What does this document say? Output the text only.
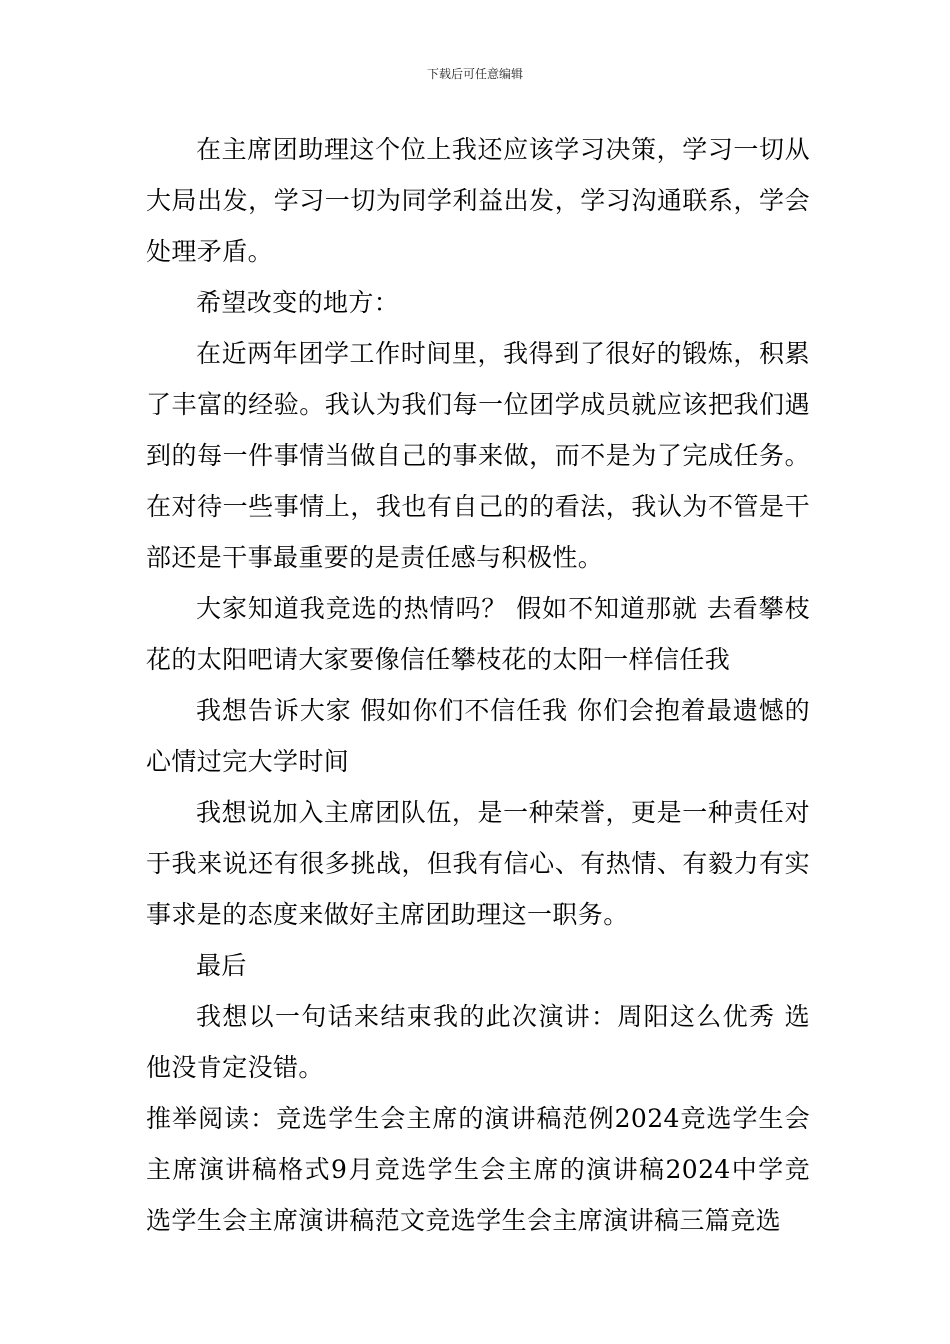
下载后可任意编辑

在主席团助理这个位上我还应该学习决策，学习一切从大局出发，学习一切为同学利益出发，学习沟通联系，学会处理矛盾。

希望改变的地方：

在近两年团学工作时间里，我得到了很好的锻炼，积累了丰富的经验。我认为我们每一位团学成员就应该把我们遇到的每一件事情当做自己的事来做，而不是为了完成任务。在对待一些事情上，我也有自己的的看法，我认为不管是干部还是干事最重要的是责任感与积极性。

大家知道我竞选的热情吗？ 假如不知道那就 去看攀枝花的太阳吧请大家要像信任攀枝花的太阳一样信任我

我想告诉大家 假如你们不信任我 你们会抱着最遗憾的心情过完大学时间

我想说加入主席团队伍，是一种荣誉，更是一种责任对于我来说还有很多挑战，但我有信心、有热情、有毅力有实事求是的态度来做好主席团助理这一职务。

最后

我想以一句话来结束我的此次演讲：周阳这么优秀 选他没肯定没错。

推举阅读：竞选学生会主席的演讲稿范例2024竞选学生会主席演讲稿格式9月竞选学生会主席的演讲稿2024中学竞选学生会主席演讲稿范文竞选学生会主席演讲稿三篇竞选
